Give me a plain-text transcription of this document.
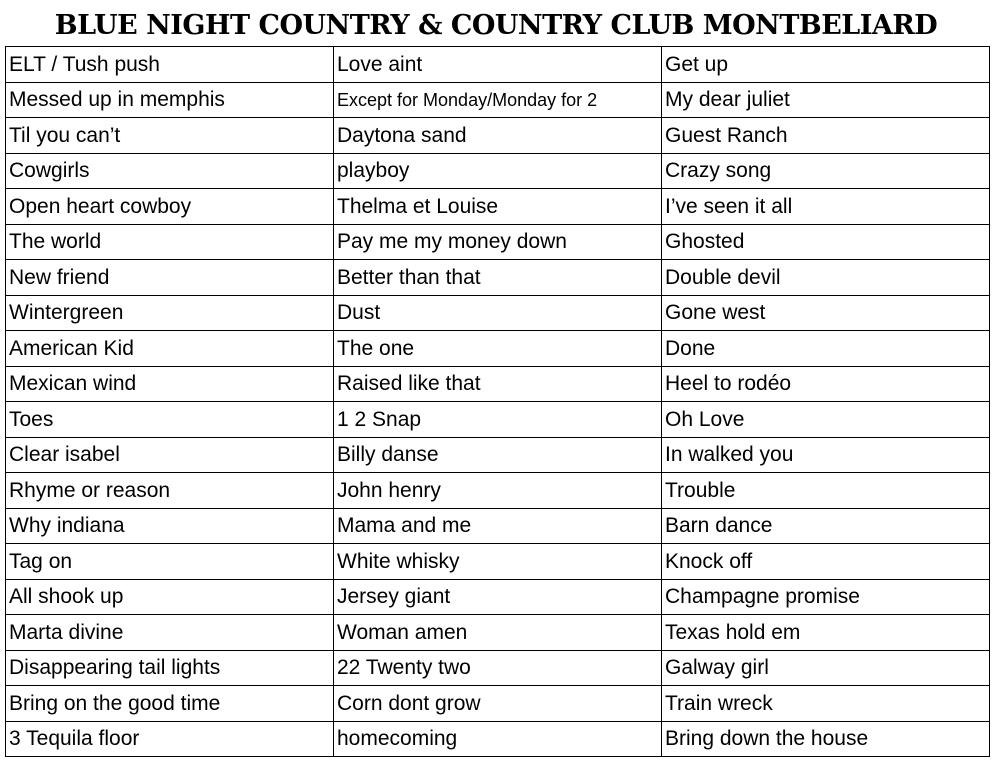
BLUE NIGHT COUNTRY & COUNTRY CLUB MONTBELIARD
ELT / Tush push	Love aint	Get up
Messed up in memphis	Except for Monday/Monday for 2	My dear juliet
Til you can’t	Daytona sand	Guest Ranch
Cowgirls	playboy	Crazy song
Open heart cowboy	Thelma et Louise	I’ve seen it all
The world	Pay me my money down	Ghosted
New friend	Better than that	Double devil
Wintergreen	Dust	Gone west
American Kid	The one	Done
Mexican wind	Raised like that	Heel to rodéo
Toes	1 2 Snap	Oh Love
Clear isabel	Billy danse	In walked you
Rhyme or reason	John henry	Trouble
Why indiana	Mama and me	Barn dance
Tag on	White whisky	Knock off
All shook up	Jersey giant	Champagne promise
Marta divine	Woman amen	Texas hold em
Disappearing tail lights	22 Twenty two	Galway girl
Bring on the good time	Corn dont grow	Train wreck
3 Tequila floor	homecoming	Bring down the house
